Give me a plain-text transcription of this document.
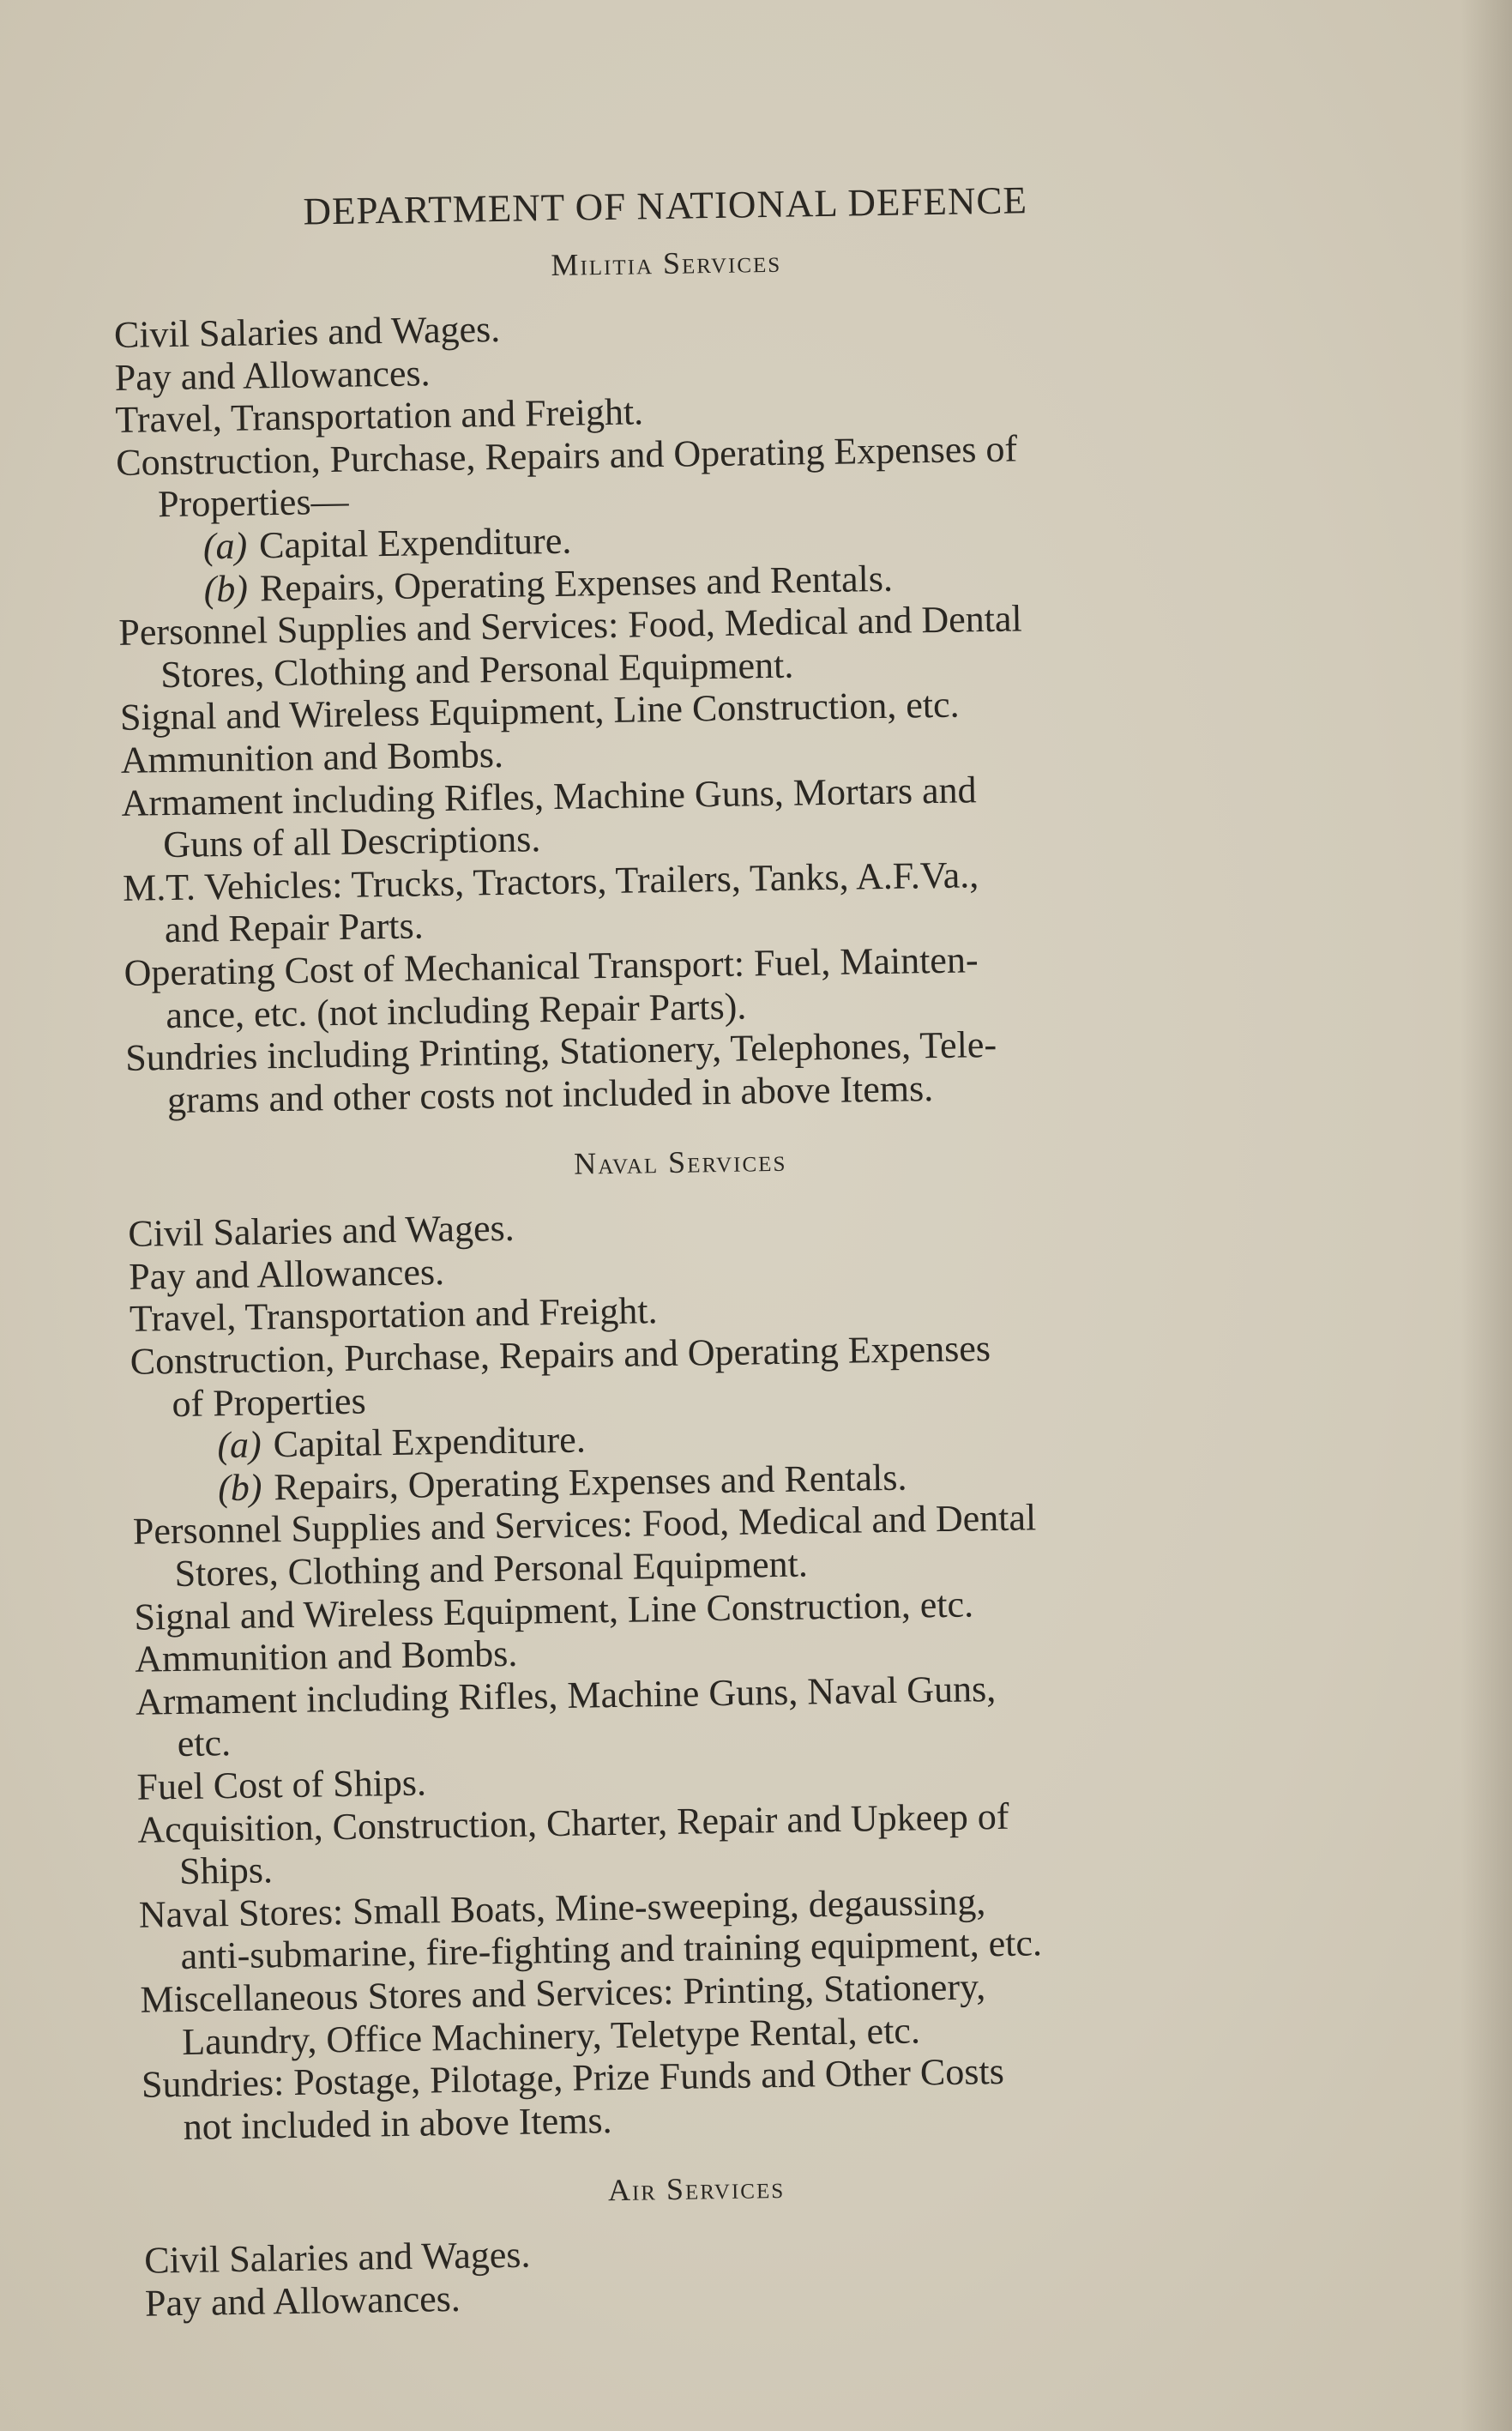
DEPARTMENT OF NATIONAL DEFENCE
Militia Services
Civil Salaries and Wages.
Pay and Allowances.
Travel, Transportation and Freight.
Construction, Purchase, Repairs and Operating Expenses of
Properties—
(a) Capital Expenditure.
(b) Repairs, Operating Expenses and Rentals.
Personnel Supplies and Services: Food, Medical and Dental
Stores, Clothing and Personal Equipment.
Signal and Wireless Equipment, Line Construction, etc.
Ammunition and Bombs.
Armament including Rifles, Machine Guns, Mortars and
Guns of all Descriptions.
M.T. Vehicles: Trucks, Tractors, Trailers, Tanks, A.F.Va.,
and Repair Parts.
Operating Cost of Mechanical Transport: Fuel, Mainten-
ance, etc. (not including Repair Parts).
Sundries including Printing, Stationery, Telephones, Tele-
grams and other costs not included in above Items.
Naval Services
Civil Salaries and Wages.
Pay and Allowances.
Travel, Transportation and Freight.
Construction, Purchase, Repairs and Operating Expenses
of Properties
(a) Capital Expenditure.
(b) Repairs, Operating Expenses and Rentals.
Personnel Supplies and Services: Food, Medical and Dental
Stores, Clothing and Personal Equipment.
Signal and Wireless Equipment, Line Construction, etc.
Ammunition and Bombs.
Armament including Rifles, Machine Guns, Naval Guns,
etc.
Fuel Cost of Ships.
Acquisition, Construction, Charter, Repair and Upkeep of
Ships.
Naval Stores: Small Boats, Mine-sweeping, degaussing,
anti-submarine, fire-fighting and training equipment, etc.
Miscellaneous Stores and Services: Printing, Stationery,
Laundry, Office Machinery, Teletype Rental, etc.
Sundries: Postage, Pilotage, Prize Funds and Other Costs
not included in above Items.
Air Services
Civil Salaries and Wages.
Pay and Allowances.
